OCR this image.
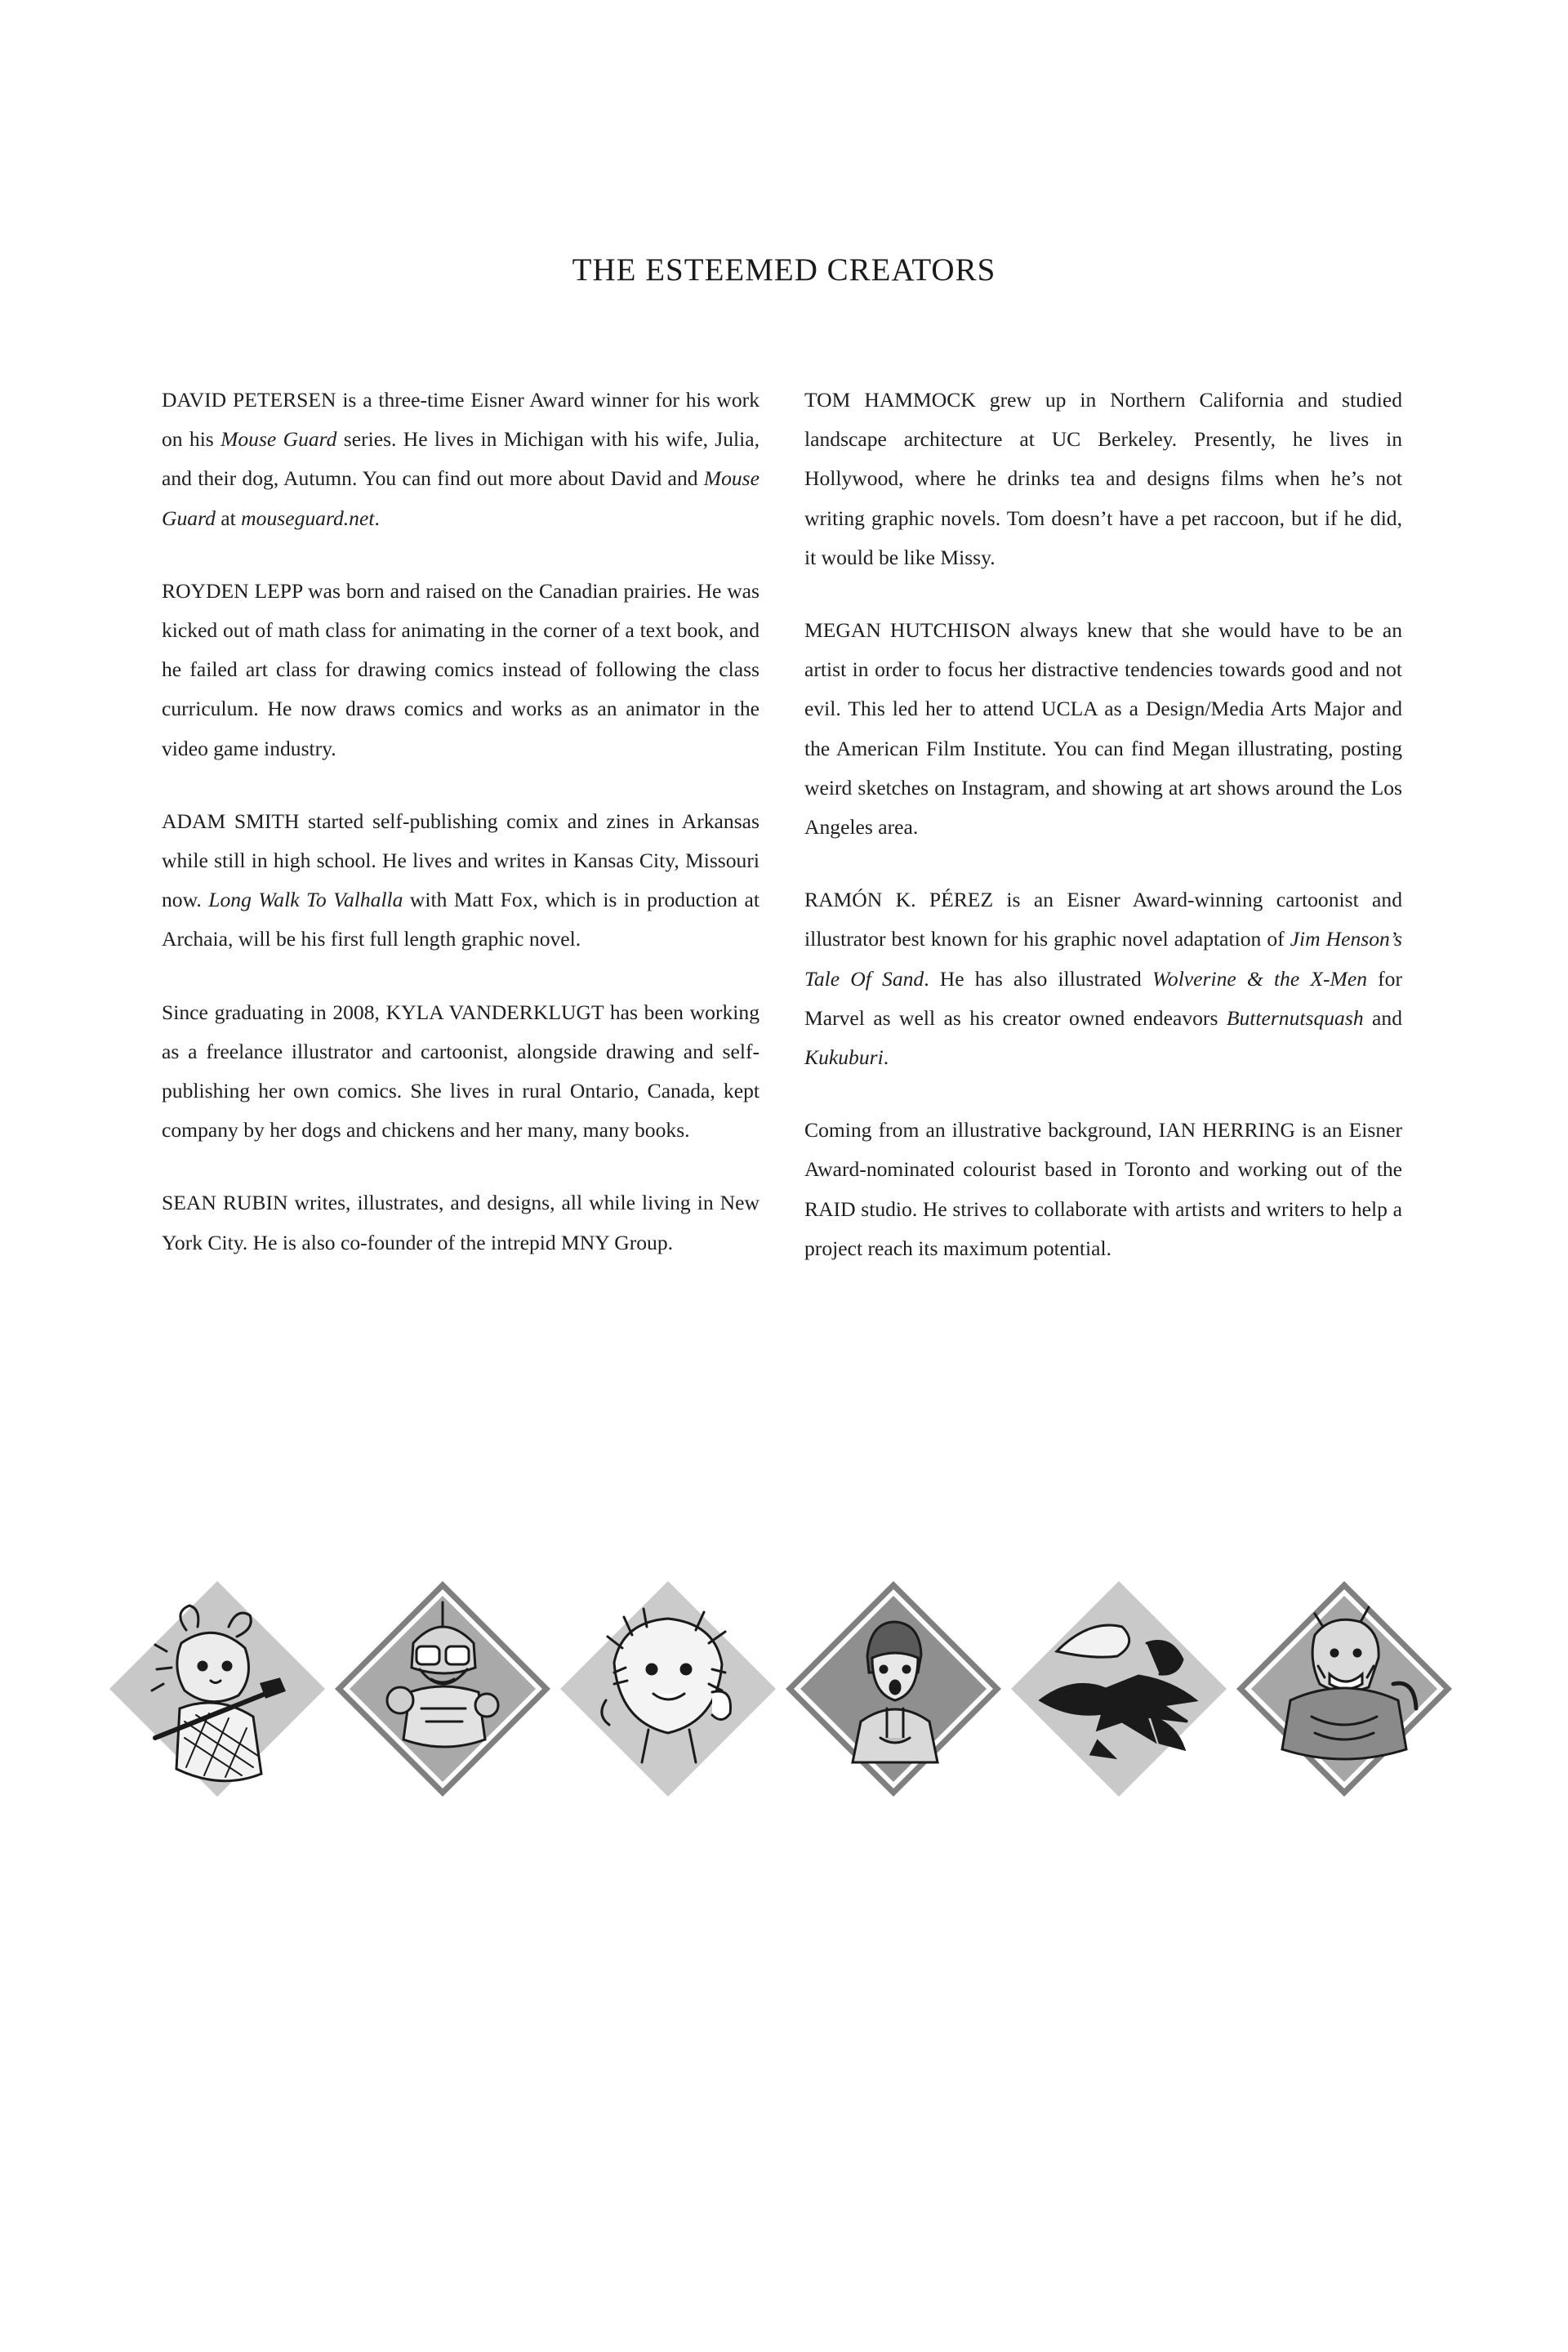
THE ESTEEMED CREATORS

DAVID PETERSEN is a three-time Eisner Award winner for his work on his Mouse Guard series. He lives in Michigan with his wife, Julia, and their dog, Autumn. You can find out more about David and Mouse Guard at mouseguard.net.

ROYDEN LEPP was born and raised on the Canadian prairies. He was kicked out of math class for animating in the corner of a text book, and he failed art class for drawing comics instead of following the class curriculum. He now draws comics and works as an animator in the video game industry.

ADAM SMITH started self-publishing comix and zines in Arkansas while still in high school. He lives and writes in Kansas City, Missouri now. Long Walk To Valhalla with Matt Fox, which is in production at Archaia, will be his first full length graphic novel.

Since graduating in 2008, KYLA VANDERKLUGT has been working as a freelance illustrator and cartoonist, alongside drawing and self-publishing her own comics. She lives in rural Ontario, Canada, kept company by her dogs and chickens and her many, many books.

SEAN RUBIN writes, illustrates, and designs, all while living in New York City. He is also co-founder of the intrepid MNY Group.

TOM HAMMOCK grew up in Northern California and studied landscape architecture at UC Berkeley. Presently, he lives in Hollywood, where he drinks tea and designs films when he’s not writing graphic novels. Tom doesn’t have a pet raccoon, but if he did, it would be like Missy.

MEGAN HUTCHISON always knew that she would have to be an artist in order to focus her distractive tendencies towards good and not evil. This led her to attend UCLA as a Design/Media Arts Major and the American Film Institute. You can find Megan illustrating, posting weird sketches on Instagram, and showing at art shows around the Los Angeles area.

RAMÓN K. PÉREZ is an Eisner Award-winning cartoonist and illustrator best known for his graphic novel adaptation of Jim Henson’s Tale Of Sand. He has also illustrated Wolverine & the X-Men for Marvel as well as his creator owned endeavors Butternutsquash and Kukuburi.

Coming from an illustrative background, IAN HERRING is an Eisner Award-nominated colourist based in Toronto and working out of the RAID studio. He strives to collaborate with artists and writers to help a project reach its maximum potential.
